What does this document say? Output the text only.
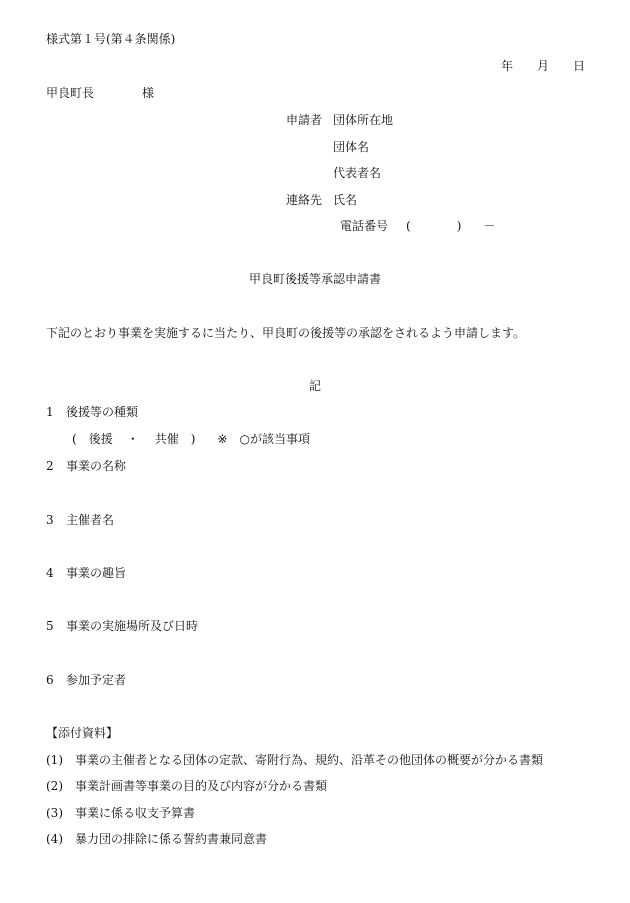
様式第１号(第４条関係)
年 月 日
甲良町長	様
申請者 団体所在地
団体名
代表者名
連絡先 氏名
電話番号 (	) －
甲良町後援等承認申請書
下記のとおり事業を実施するに当たり、甲良町の後援等の承認をされるよう申請します。
記
1 後援等の種類
( 後援 ・ 共催 ) ※ ○が該当事項
2 事業の名称
3 主催者名
4 事業の趣旨
5 事業の実施場所及び日時
6 参加予定者
【添付資料】
(1) 事業の主催者となる団体の定款、寄附行為、規約、沿革その他団体の概要が分かる書類
(2) 事業計画書等事業の目的及び内容が分かる書類
(3) 事業に係る収支予算書
(4) 暴力団の排除に係る誓約書兼同意書
